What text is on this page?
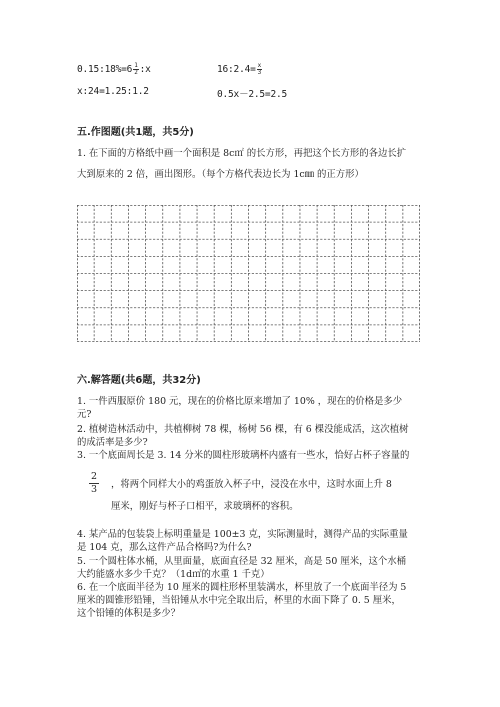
0.15:18%=6 $\frac{1}{2}$ :x	16:2.4= $\frac{x}{3}$
x:24=1.25:1.2	0.5x－2.5=2.5
五.作图题(共1题，共5分)
1. 在下面的方格纸中画一个面积是 8c㎡ 的长方形，再把这个长方形的各边长扩
大到原来的 2 倍，画出图形。（每个方格代表边长为 1c㎜ 的正方形）
六.解答题(共6题，共32分)
1. 一件西服原价 180 元，现在的价格比原来增加了 10% ，现在的价格是多少
元?
2. 植树造林活动中，共植柳树 78 棵，杨树 56 棵，有 6 棵没能成活，这次植树
的成活率是多少?
3. 一个底面周长是 3. 14 分米的圆柱形玻璃杯内盛有一些水，恰好占杯子容量的
$\frac{2}{3}$ ，将两个同样大小的鸡蛋放入杯子中，浸没在水中，这时水面上升 8
厘米，刚好与杯子口相平，求玻璃杯的容积。
4. 某产品的包装袋上标明重量是 100±3 克，实际测量时，测得产品的实际重量
是 104 克，那么这件产品合格吗?为什么?
5. 一个圆柱体水桶，从里面量，底面直径是 32 厘米，高是 50 厘米，这个水桶
大约能盛水多少千克？（1d㎡的水重 1 千克）
6. 在一个底面半径为 10 厘米的圆柱形杯里装满水，杯里放了一个底面半径为 5
厘米的圆锥形铅锤，当铅锤从水中完全取出后，杯里的水面下降了 0. 5 厘米，
这个铅锤的体积是多少？
